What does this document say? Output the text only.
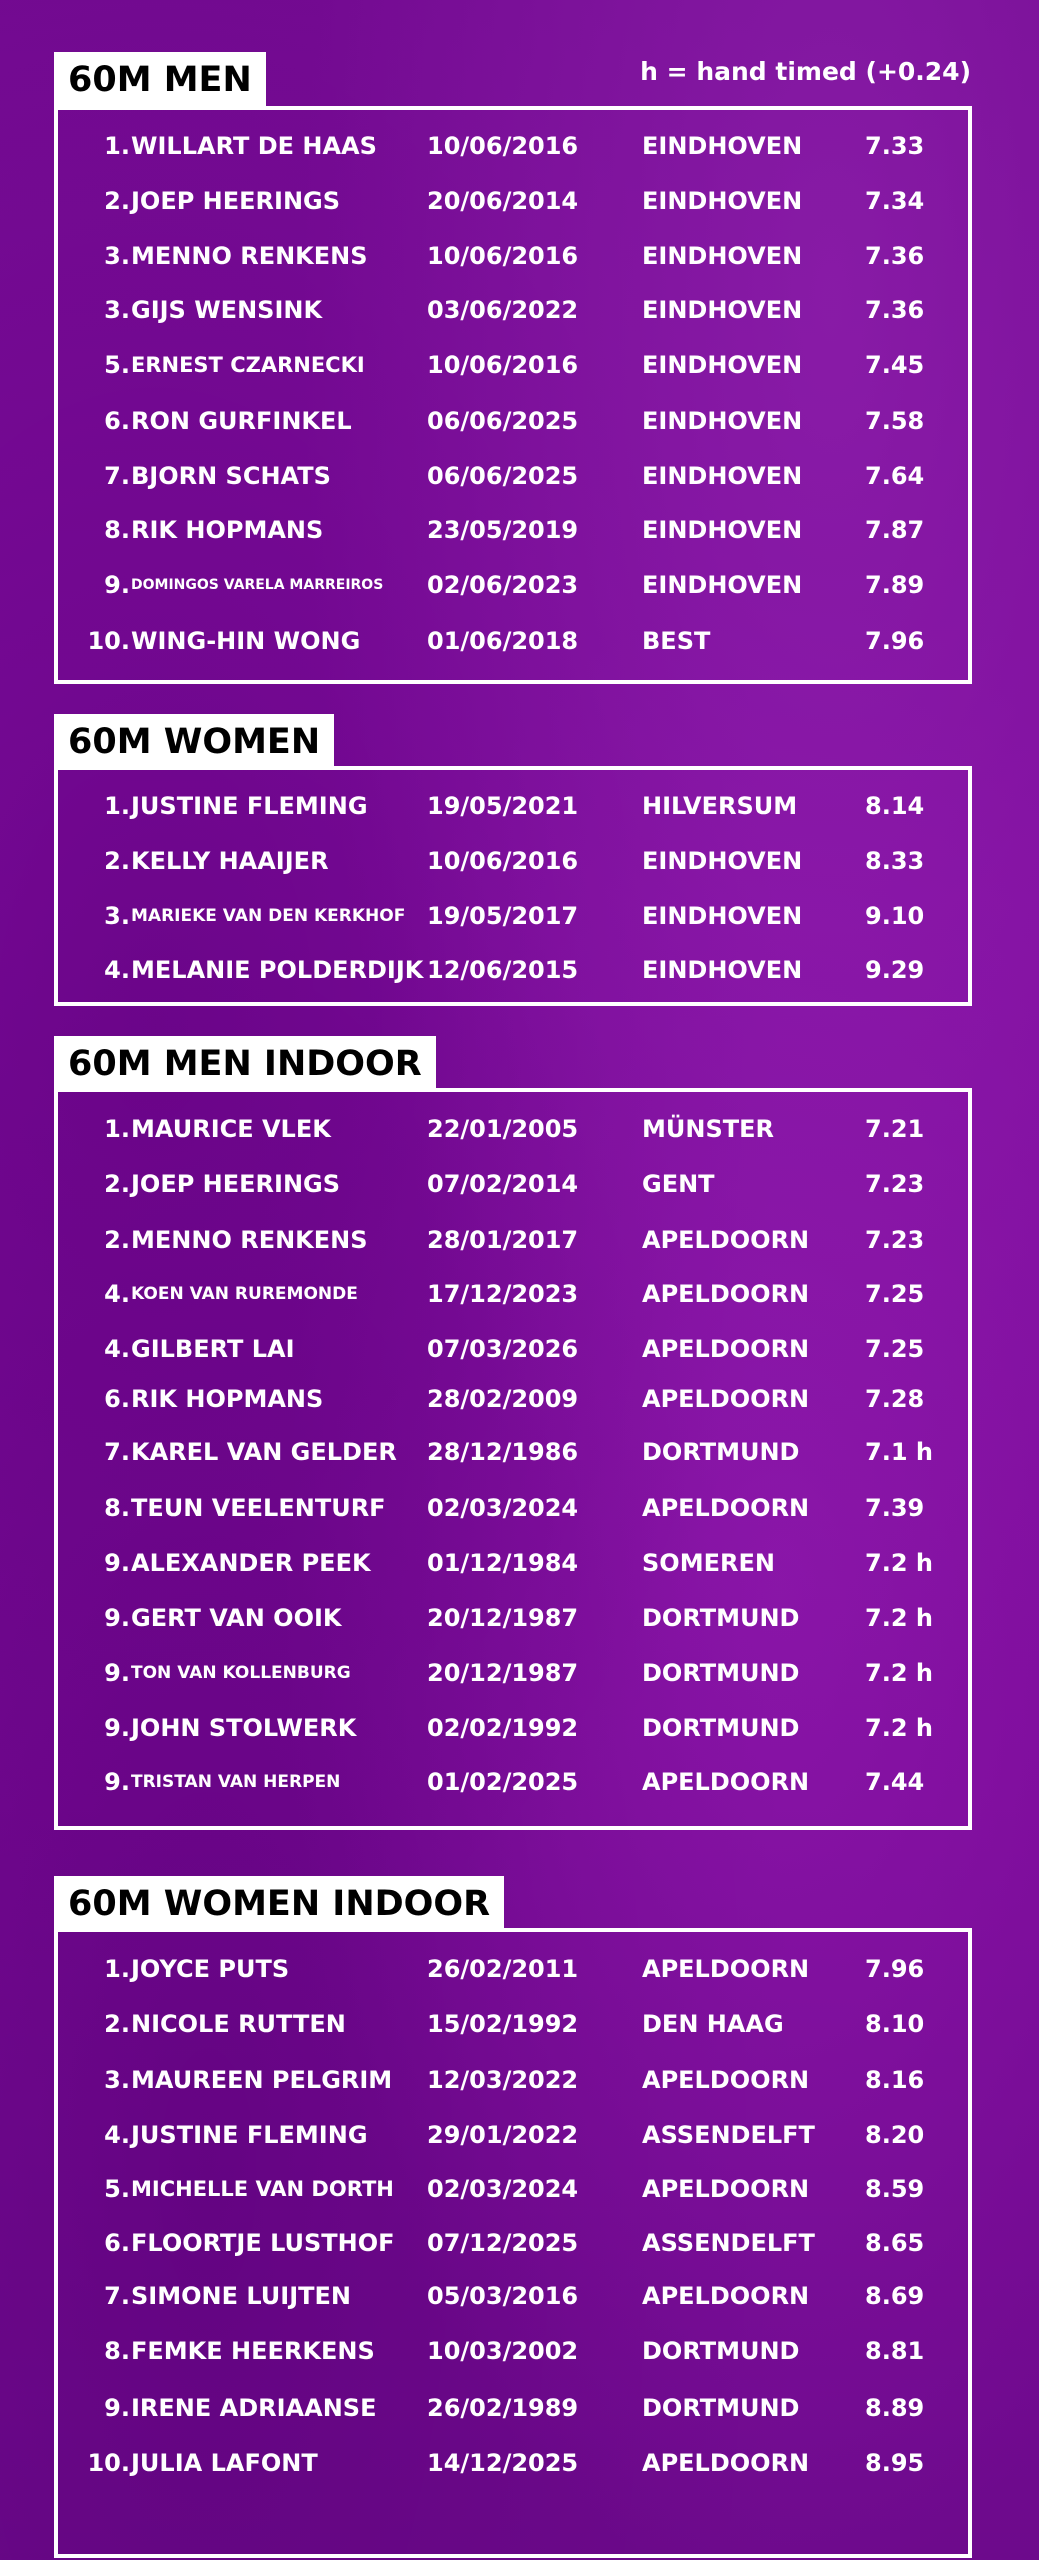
h = hand timed (+0.24)
60M MEN
1. WILLART DE HAAS 10/06/2016	EINDHOVEN	7.33
2. JOEP HEERINGS	20/06/2014	EINDHOVEN	7.34
3. MENNO RENKENS 10/06/2016	EINDHOVEN	7.36
3. GIJS WENSINK	03/06/2022	EINDHOVEN	7.36
5. ERNEST CZARNECKI	10/06/2016	EINDHOVEN	7.45
6. RON GURFINKEL	06/06/2025	EINDHOVEN	7.58
7. BJORN SCHATS	06/06/2025	EINDHOVEN	7.64
8. RIK HOPMANS	23/05/2019	EINDHOVEN	7.87
9. DOMINGOS VARELA MARREIROS 02/06/2023	EINDHOVEN	7.89
10. WING-HIN WONG	01/06/2018	BEST	7.96
60M WOMEN
1. JUSTINE FLEMING 19/05/2021	HILVERSUM	8.14
2. KELLY HAAIJER	10/06/2016	EINDHOVEN	8.33
3. MARIEKE VAN DEN KERKHOF 19/05/2017	EINDHOVEN	9.10
4. MELANIE POLDERDIJK 12/06/2015	EINDHOVEN	9.29
60M MEN INDOOR
1. MAURICE VLEK	22/01/2005	MÜNSTER	7.21
2. JOEP HEERINGS	07/02/2014	GENT	7.23
2. MENNO RENKENS 28/01/2017	APELDOORN 7.23
4. KOEN VAN RUREMONDE	17/12/2023	APELDOORN 7.25
4. GILBERT LAI	07/03/2026	APELDOORN 7.25
6. RIK HOPMANS	28/02/2009	APELDOORN 7.28
7. KAREL VAN GELDER 28/12/1986	DORTMUND	7.1 h
8. TEUN VEELENTURF 02/03/2024	APELDOORN 7.39
9. ALEXANDER PEEK 01/12/1984	SOMEREN	7.2 h
9. GERT VAN OOIK	20/12/1987	DORTMUND	7.2 h
9. TON VAN KOLLENBURG	20/12/1987	DORTMUND	7.2 h
9. JOHN STOLWERK	02/02/1992	DORTMUND	7.2 h
9. TRISTAN VAN HERPEN	01/02/2025	APELDOORN 7.44
60M WOMEN INDOOR
1. JOYCE PUTS	26/02/2011	APELDOORN 7.96
2. NICOLE RUTTEN	15/02/1992	DEN HAAG	8.10
3. MAUREEN PELGRIM 12/03/2022	APELDOORN 8.16
4. JUSTINE FLEMING 29/01/2022	ASSENDELFT 8.20
5. MICHELLE VAN DORTH 02/03/2024	APELDOORN 8.59
6. FLOORTJE LUSTHOF 07/12/2025	ASSENDELFT 8.65
7. SIMONE LUIJTEN	05/03/2016	APELDOORN 8.69
8. FEMKE HEERKENS 10/03/2002	DORTMUND	8.81
9. IRENE ADRIAANSE 26/02/1989	DORTMUND	8.89
10. JULIA LAFONT	14/12/2025	APELDOORN 8.95
